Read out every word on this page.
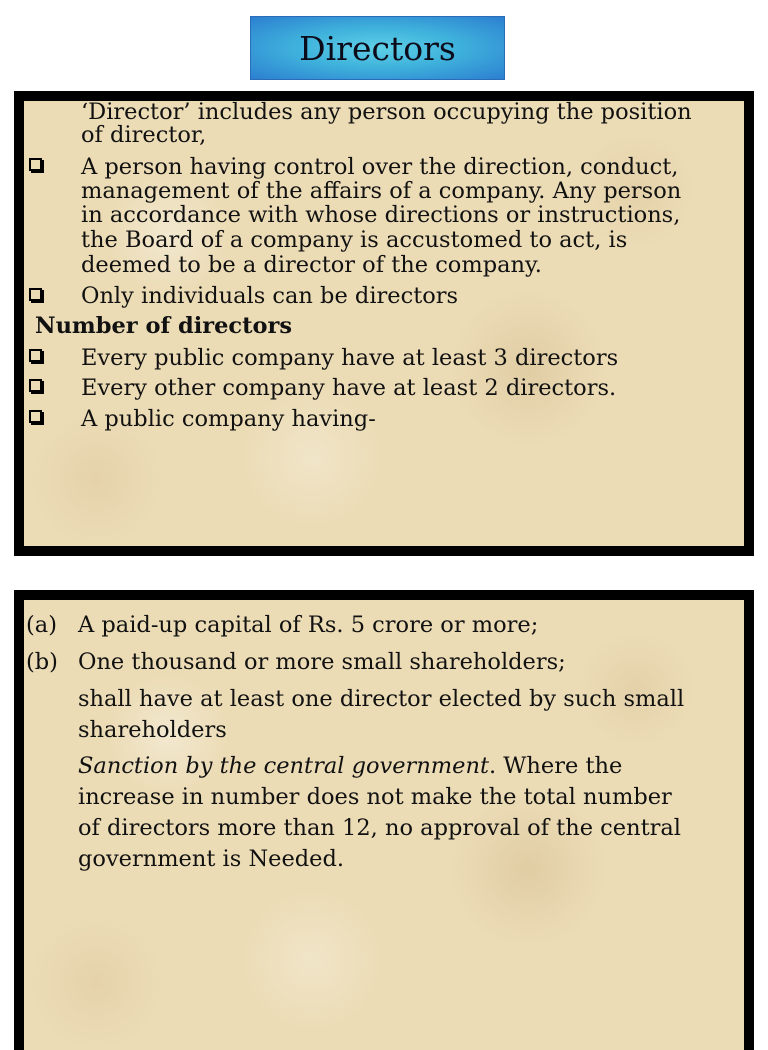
Directors
‘Director’ includes any person occupying the position
of director,
A person having control over the direction, conduct,
management of the affairs of a company. Any person
in accordance with whose directions or instructions,
the Board of a company is accustomed to act, is
deemed to be a director of the company.
Only individuals can be directors
Number of directors
Every public company have at least 3 directors
Every other company have at least 2 directors.
A public company having-
(a) A paid-up capital of Rs. 5 crore or more;
(b) One thousand or more small shareholders;
shall have at least one director elected by such small
shareholders
Sanction by the central government. Where the
increase in number does not make the total number
of directors more than 12, no approval of the central
government is Needed.
